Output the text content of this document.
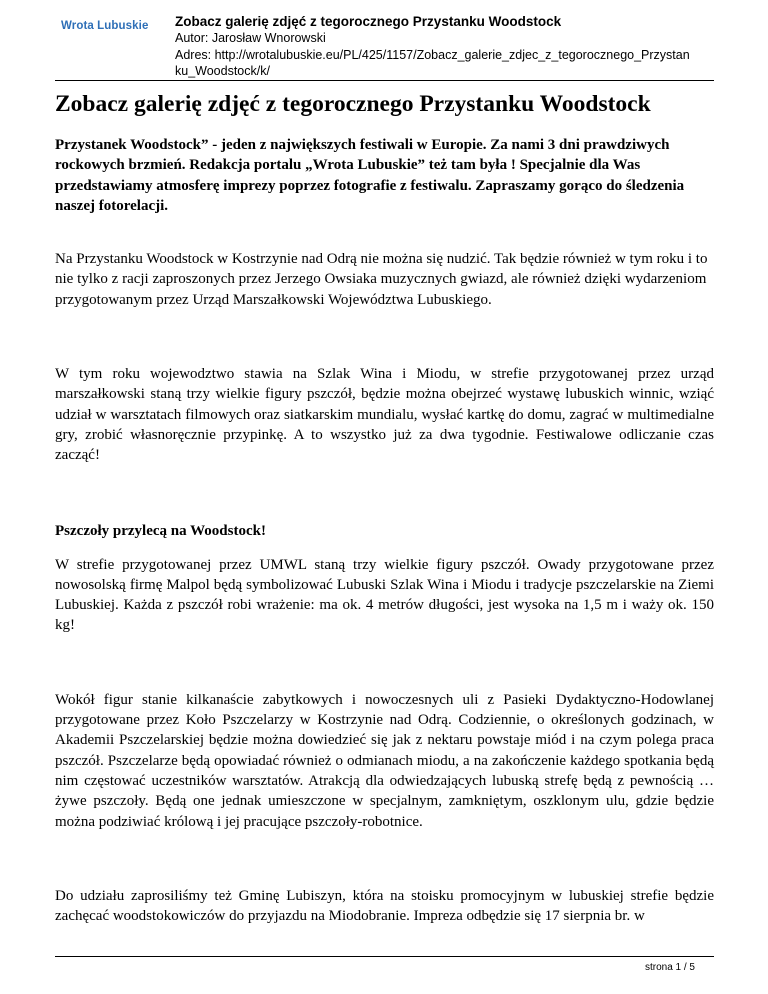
Wrota Lubuskie Zobacz galerię zdjęć z tegorocznego Przystanku Woodstock
Autor: Jarosław Wnorowski
Adres: http://wrotalubuskie.eu/PL/425/1157/Zobacz_galerie_zdjec_z_tegorocznego_Przystan
ku_Woodstock/k/
Zobacz galerię zdjęć z tegorocznego Przystanku Woodstock

Przystanek Woodstock” - jeden z największych festiwali w Europie. Za nami 3 dni prawdziwych rockowych brzmień. Redakcja portalu „Wrota Lubuskie” też tam była ! Specjalnie dla Was przedstawiamy atmosferę imprezy poprzez fotografie z festiwalu. Zapraszamy gorąco do śledzenia naszej fotorelacji.

Na Przystanku Woodstock w Kostrzynie nad Odrą nie można się nudzić. Tak będzie również w tym roku i to nie tylko z racji zaproszonych przez Jerzego Owsiaka muzycznych gwiazd, ale również dzięki wydarzeniom przygotowanym przez Urząd Marszałkowski Województwa Lubuskiego.

W tym roku wojewodztwo stawia na Szlak Wina i Miodu, w strefie przygotowanej przez urząd marszałkowski staną trzy wielkie figury pszczół, będzie można obejrzeć wystawę lubuskich winnic, wziąć udział w warsztatach filmowych oraz siatkarskim mundialu, wysłać kartkę do domu, zagrać w multimedialne gry, zrobić własnoręcznie przypinkę. A to wszystko już za dwa tygodnie. Festiwalowe odliczanie czas zacząć!

Pszczoły przylecą na Woodstock!

W strefie przygotowanej przez UMWL staną trzy wielkie figury pszczół. Owady przygotowane przez nowosolską firmę Malpol będą symbolizować Lubuski Szlak Wina i Miodu i tradycje pszczelarskie na Ziemi Lubuskiej. Każda z pszczół robi wrażenie: ma ok. 4 metrów długości, jest wysoka na 1,5 m i waży ok. 150 kg!

Wokół figur stanie kilkanaście zabytkowych i nowoczesnych uli z Pasieki Dydaktyczno-Hodowlanej przygotowane przez Koło Pszczelarzy w Kostrzynie nad Odrą. Codziennie, o określonych godzinach, w Akademii Pszczelarskiej będzie można dowiedzieć się jak z nektaru powstaje miód i na czym polega praca pszczół. Pszczelarze będą opowiadać również o odmianach miodu, a na zakończenie każdego spotkania będą nim częstować uczestników warsztatów. Atrakcją dla odwiedzających lubuską strefę będą z pewnością … żywe pszczoły. Będą one jednak umieszczone w specjalnym, zamkniętym, oszklonym ulu, gdzie będzie można podziwiać królową i jej pracujące pszczoły-robotnice.

Do udziału zaprosiliśmy też Gminę Lubiszyn, która na stoisku promocyjnym w lubuskiej strefie będzie zachęcać woodstokowiczów do przyjazdu na Miodobranie. Impreza odbędzie się 17 sierpnia br. w

strona 1 / 5
